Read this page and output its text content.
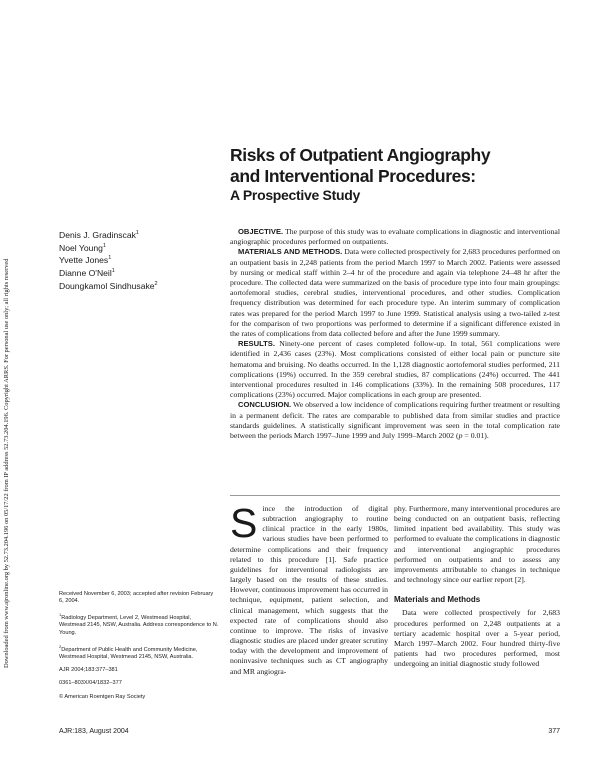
Downloaded from www.ajronline.org by 52.73.204.196 on 05/17/22 from IP address 52.73.204.196. Copyright ARRS. For personal use only; all rights reserved
Risks of Outpatient Angiography
and Interventional Procedures:
A Prospective Study
Denis J. Gradinscak$^1$
Noel Young$^1$
Yvette Jones$^1$
Dianne O'Neil$^1$
Doungkamol Sindhusake$^2$

OBJECTIVE. The purpose of this study was to evaluate complications in diagnostic and interventional angiographic procedures performed on outpatients.

MATERIALS AND METHODS. Data were collected prospectively for 2,683 procedures performed on an outpatient basis in 2,248 patients from the period March 1997 to March 2002. Patients were assessed by nursing or medical staff within 2–4 hr of the procedure and again via telephone 24–48 hr after the procedure. The collected data were summarized on the basis of procedure type into four main groupings: aortofemoral studies, cerebral studies, interventional procedures, and other studies. Complication frequency distribution was determined for each procedure type. An interim summary of complication rates was prepared for the period March 1997 to June 1999. Statistical analysis using a two-tailed z-test for the comparison of two proportions was performed to determine if a significant difference existed in the rates of complications from data collected before and after the June 1999 summary.

RESULTS. Ninety-one percent of cases completed follow-up. In total, 561 complications were identified in 2,436 cases (23%). Most complications consisted of either local pain or puncture site hematoma and bruising. No deaths occurred. In the 1,128 diagnostic aortofemoral studies performed, 211 complications (19%) occurred. In the 359 cerebral studies, 87 complications (24%) occurred. The 441 interventional procedures resulted in 146 complications (33%). In the remaining 508 procedures, 117 complications (23%) occurred. Major complications in each group are presented.

CONCLUSION. We observed a low incidence of complications requiring further treatment or resulting in a permanent deficit. The rates are comparable to published data from similar studies and practice standards guidelines. A statistically significant improvement was seen in the total complication rate between the periods March 1997–June 1999 and July 1999–March 2002 (p = 0.01).

Since the introduction of digital subtraction angiography to routine clinical practice in the early 1980s, various studies have been performed to determine complications and their frequency related to this procedure [1]. Safe practice guidelines for interventional radiologists are largely based on the results of these studies. However, continuous improvement has occurred in technique, equipment, patient selection, and clinical management, which suggests that the expected rate of complications should also continue to improve. The risks of invasive diagnostic studies are placed under greater scrutiny today with the development and improvement of noninvasive techniques such as CT angiography and MR angiogra-

phy. Furthermore, many interventional procedures are being conducted on an outpatient basis, reflecting limited inpatient bed availability. This study was performed to evaluate the complications in diagnostic and interventional angiographic procedures performed on outpatients and to assess any improvements attributable to changes in technique and technology since our earlier report [2].

Materials and Methods

Data were collected prospectively for 2,683 procedures performed on 2,248 outpatients at a tertiary academic hospital over a 5-year period, March 1997–March 2002. Four hundred thirty-five patients had two procedures performed, most undergoing an initial diagnostic study followed

Received November 6, 2003; accepted after revision February 6, 2004.

$^1$Radiology Department, Level 2, Westmead Hospital, Westmead 2145, NSW, Australia. Address correspondence to N. Young.

$^2$Department of Public Health and Community Medicine, Westmead Hospital, Westmead 2145, NSW, Australia.

AJR 2004;183:377–381

0361–803X/04/1832–377

© American Roentgen Ray Society

AJR:183, August 2004	377
